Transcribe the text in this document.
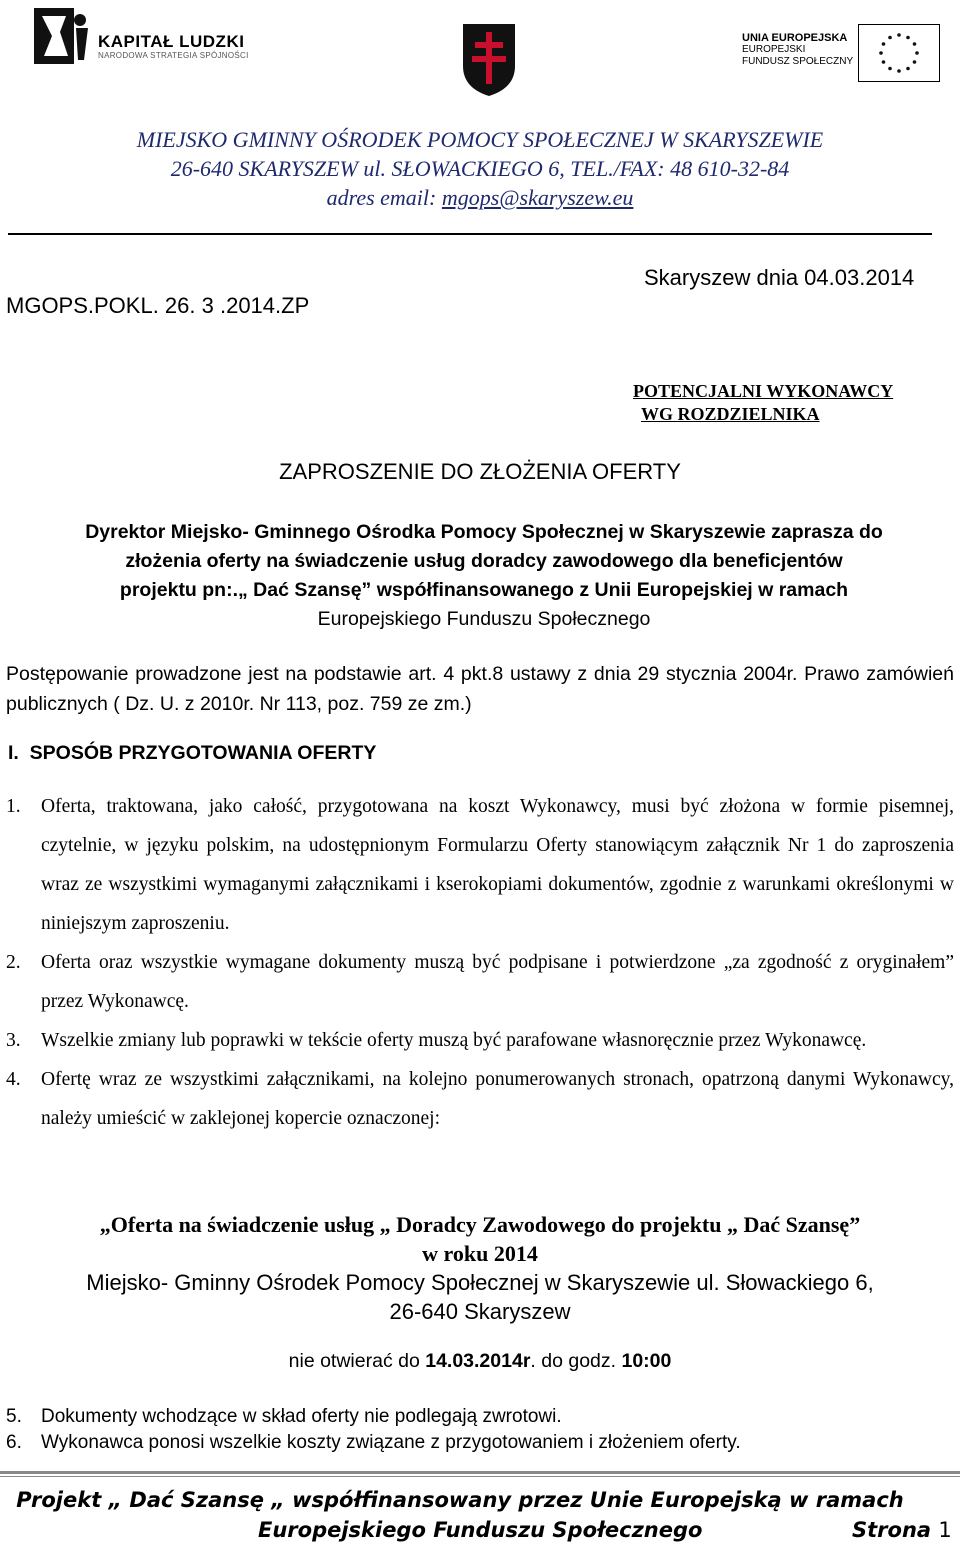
KAPITAŁ LUDZKI
NARODOWA STRATEGIA SPÓJNOŚCI
UNIA EUROPEJSKA
EUROPEJSKI
FUNDUSZ SPOŁECZNY
MIEJSKO GMINNY OŚRODEK POMOCY SPOŁECZNEJ W SKARYSZEWIE
26-640 SKARYSZEW ul. SŁOWACKIEGO 6, TEL./FAX: 48 610-32-84
adres email: mgops@skaryszew.eu
Skaryszew dnia 04.03.2014
MGOPS.POKL. 26. 3 .2014.ZP
POTENCJALNI WYKONAWCY
WG ROZDZIELNIKA
ZAPROSZENIE DO ZŁOŻENIA OFERTY
Dyrektor Miejsko- Gminnego Ośrodka Pomocy Społecznej w Skaryszewie zaprasza do
złożenia oferty na świadczenie usług doradcy zawodowego dla beneficjentów
projektu pn:.„ Dać Szansę” współfinansowanego z Unii Europejskiej w ramach
Europejskiego Funduszu Społecznego
Postępowanie prowadzone jest na podstawie art. 4 pkt.8 ustawy z dnia 29 stycznia 2004r. Prawo zamówień publicznych ( Dz. U. z 2010r. Nr 113, poz. 759 ze zm.)
I.  SPOSÓB PRZYGOTOWANIA OFERTY
1. Oferta, traktowana, jako całość, przygotowana na koszt Wykonawcy, musi być złożona w formie pisemnej, czytelnie, w języku polskim, na udostępnionym Formularzu Oferty stanowiącym załącznik Nr 1 do zaproszenia wraz ze wszystkimi wymaganymi załącznikami i kserokopiami dokumentów, zgodnie z warunkami określonymi w niniejszym zaproszeniu.
2. Oferta oraz wszystkie wymagane dokumenty muszą być podpisane i potwierdzone „za zgodność z oryginałem” przez Wykonawcę.
3. Wszelkie zmiany lub poprawki w tekście oferty muszą być parafowane własnoręcznie przez Wykonawcę.
4. Ofertę wraz ze wszystkimi załącznikami, na kolejno ponumerowanych stronach, opatrzoną danymi Wykonawcy, należy umieścić w zaklejonej kopercie oznaczonej:
„Oferta na świadczenie usług „ Doradcy Zawodowego do projektu „ Dać Szansę”
w roku 2014
Miejsko- Gminny Ośrodek Pomocy Społecznej w Skaryszewie ul. Słowackiego 6,
26-640 Skaryszew
nie otwierać do 14.03.2014r. do godz. 10:00
5. Dokumenty wchodzące w skład oferty nie podlegają zwrotowi.
6. Wykonawca ponosi wszelkie koszty związane z przygotowaniem i złożeniem oferty.
Projekt „ Dać Szansę „ współfinansowany przez Unie Europejską w ramach
Europejskiego Funduszu Społecznego	Strona 1
